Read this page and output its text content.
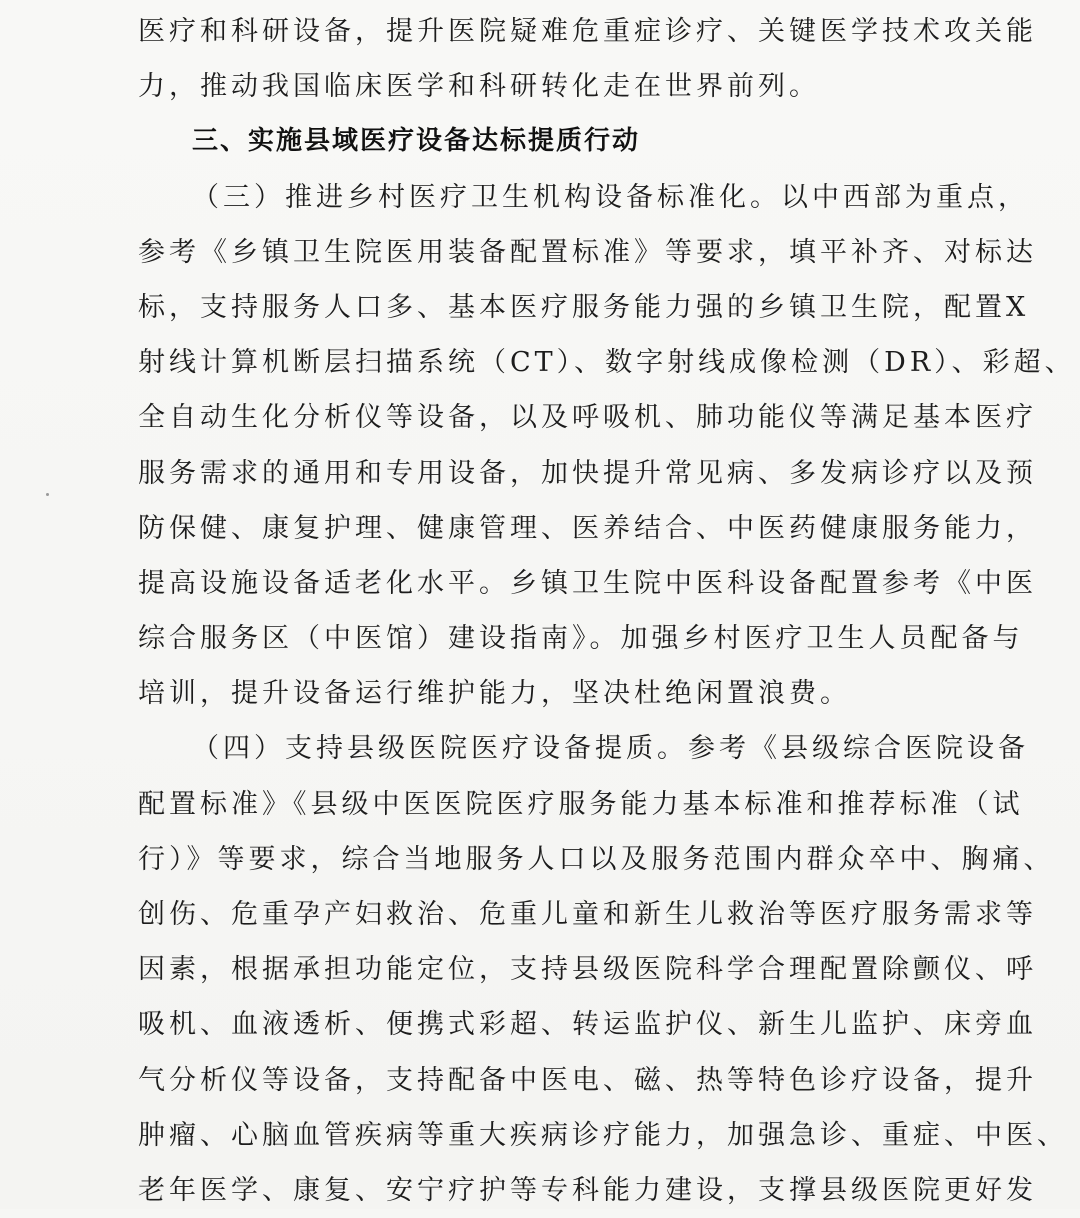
医疗和科研设备，提升医院疑难危重症诊疗、关键医学技术攻关能
力，推动我国临床医学和科研转化走在世界前列。
三、实施县域医疗设备达标提质行动
（三）推进乡村医疗卫生机构设备标准化。以中西部为重点，
参考《乡镇卫生院医用装备配置标准》等要求，填平补齐、对标达
标，支持服务人口多、基本医疗服务能力强的乡镇卫生院，配置X
射线计算机断层扫描系统（CT）、数字射线成像检测（DR）、彩超、
全自动生化分析仪等设备，以及呼吸机、肺功能仪等满足基本医疗
服务需求的通用和专用设备，加快提升常见病、多发病诊疗以及预
防保健、康复护理、健康管理、医养结合、中医药健康服务能力，
提高设施设备适老化水平。乡镇卫生院中医科设备配置参考《中医
综合服务区（中医馆）建设指南》。加强乡村医疗卫生人员配备与
培训，提升设备运行维护能力，坚决杜绝闲置浪费。
（四）支持县级医院医疗设备提质。参考《县级综合医院设备
配置标准》《县级中医医院医疗服务能力基本标准和推荐标准（试
行）》等要求，综合当地服务人口以及服务范围内群众卒中、胸痛、
创伤、危重孕产妇救治、危重儿童和新生儿救治等医疗服务需求等
因素，根据承担功能定位，支持县级医院科学合理配置除颤仪、呼
吸机、血液透析、便携式彩超、转运监护仪、新生儿监护、床旁血
气分析仪等设备，支持配备中医电、磁、热等特色诊疗设备，提升
肿瘤、心脑血管疾病等重大疾病诊疗能力，加强急诊、重症、中医、
老年医学、康复、安宁疗护等专科能力建设，支撑县级医院更好发
